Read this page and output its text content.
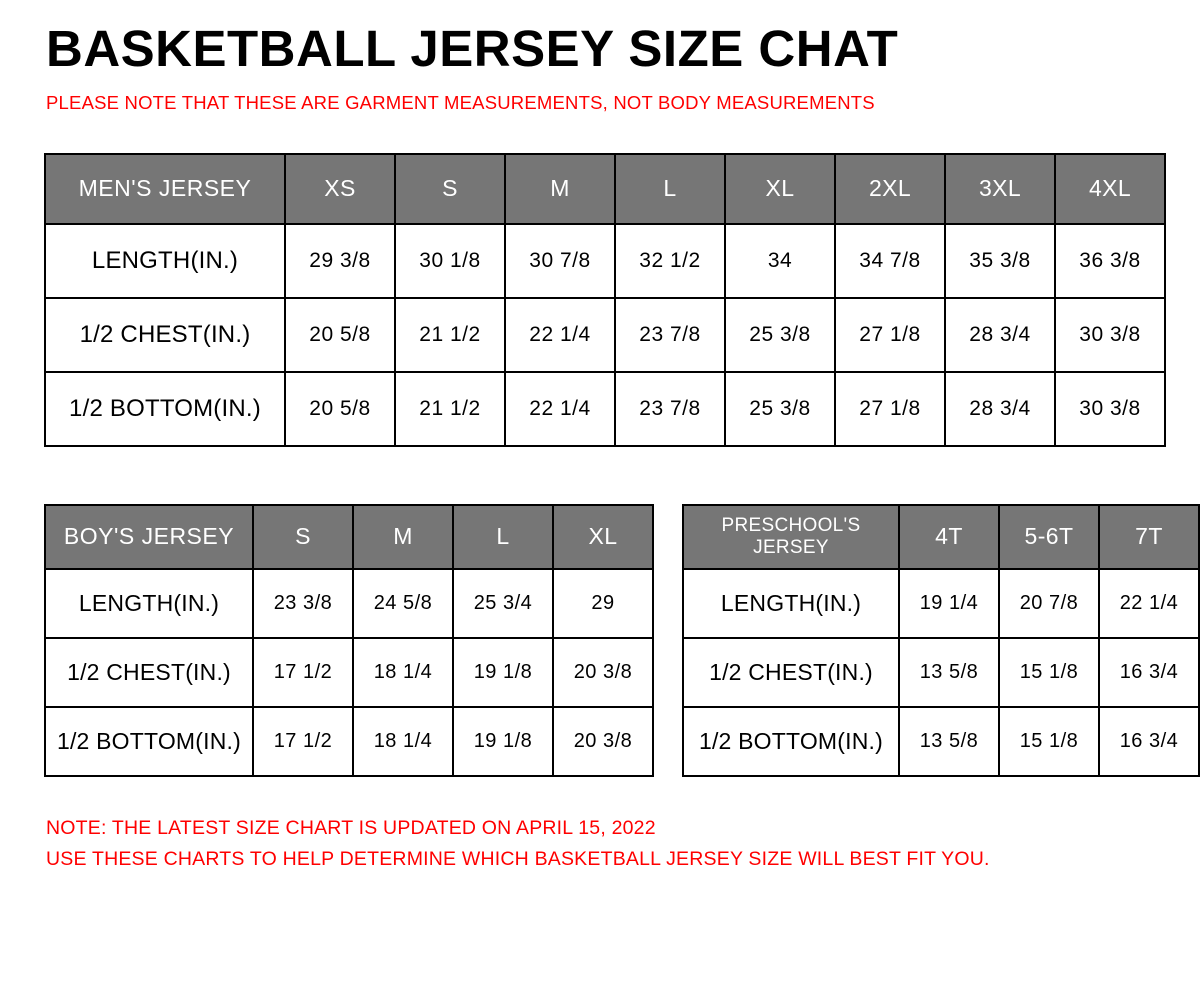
BASKETBALL JERSEY SIZE CHAT

PLEASE NOTE THAT THESE ARE GARMENT MEASUREMENTS, NOT BODY MEASUREMENTS

MEN'S JERSEY	XS	S	M	L	XL	2XL	3XL	4XL
LENGTH(IN.)	29 3/8	30 1/8	30 7/8	32 1/2	34	34 7/8	35 3/8	36 3/8
1/2 CHEST(IN.)	20 5/8	21 1/2	22 1/4	23 7/8	25 3/8	27 1/8	28 3/4	30 3/8
1/2 BOTTOM(IN.)	20 5/8	21 1/2	22 1/4	23 7/8	25 3/8	27 1/8	28 3/4	30 3/8
BOY'S JERSEY	S	M	L	XL
LENGTH(IN.)	23 3/8	24 5/8	25 3/4	29
1/2 CHEST(IN.)	17 1/2	18 1/4	19 1/8	20 3/8
1/2 BOTTOM(IN.)	17 1/2	18 1/4	19 1/8	20 3/8
PRESCHOOL'S JERSEY	4T	5-6T	7T
LENGTH(IN.)	19 1/4	20 7/8	22 1/4
1/2 CHEST(IN.)	13 5/8	15 1/8	16 3/4
1/2 BOTTOM(IN.)	13 5/8	15 1/8	16 3/4
NOTE: THE LATEST SIZE CHART IS UPDATED ON APRIL 15, 2022
USE THESE CHARTS TO HELP DETERMINE WHICH BASKETBALL JERSEY SIZE WILL BEST FIT YOU.
